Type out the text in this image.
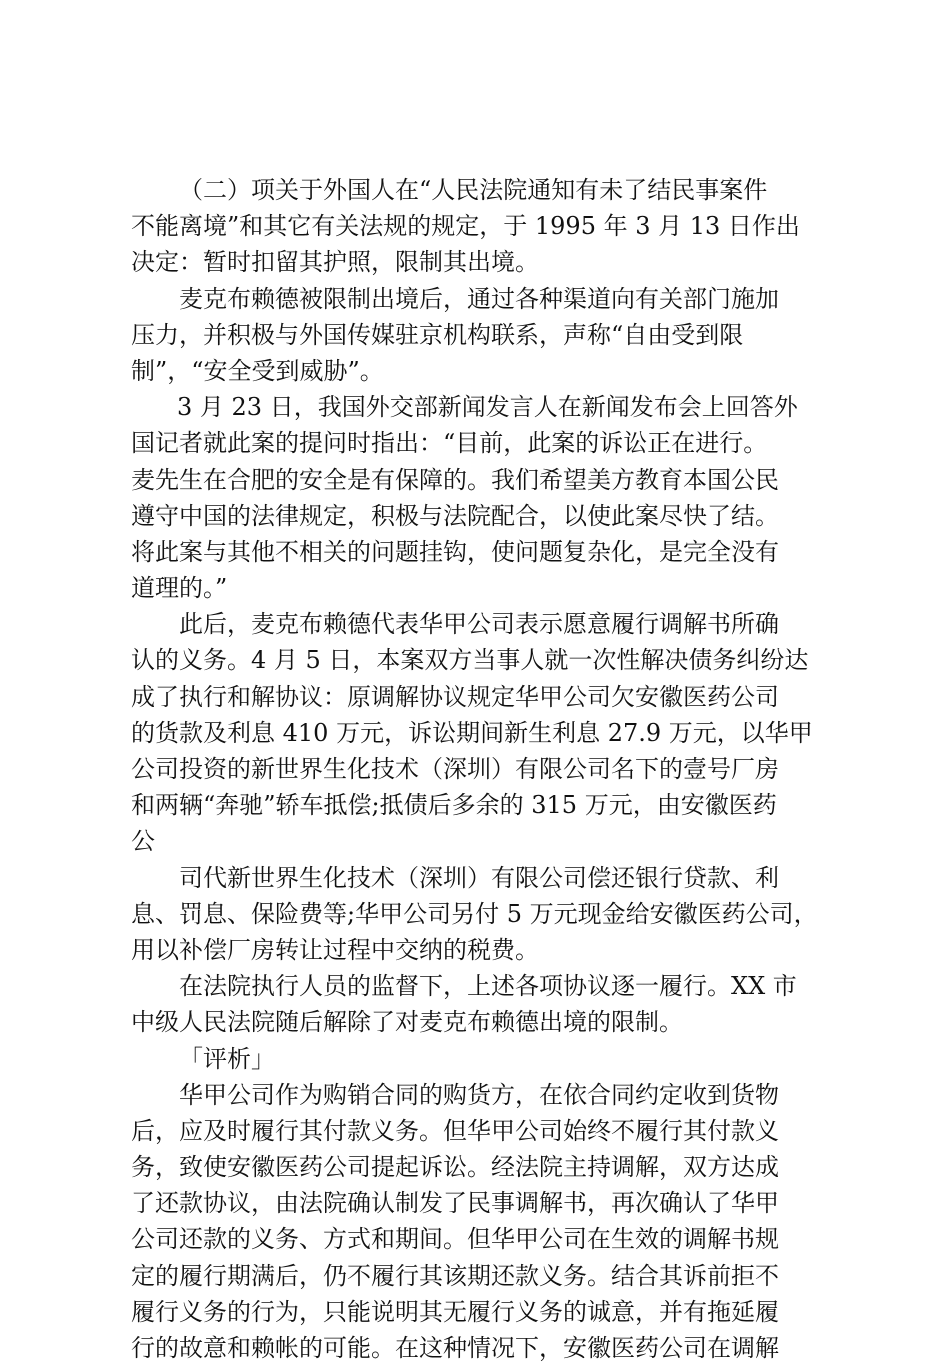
（二）项关于外国人在“人民法院通知有未了结民事案件
不能离境”和其它有关法规的规定，于 1995 年 3 月 13 日作出
决定：暂时扣留其护照，限制其出境。
麦克布赖德被限制出境后，通过各种渠道向有关部门施加
压力，并积极与外国传媒驻京机构联系，声称“自由受到限
制”，“安全受到威胁”。
3 月 23 日，我国外交部新闻发言人在新闻发布会上回答外
国记者就此案的提问时指出：“目前，此案的诉讼正在进行。
麦先生在合肥的安全是有保障的。我们希望美方教育本国公民
遵守中国的法律规定，积极与法院配合，以使此案尽快了结。
将此案与其他不相关的问题挂钩，使问题复杂化，是完全没有
道理的。”
此后，麦克布赖德代表华甲公司表示愿意履行调解书所确
认的义务。4 月 5 日，本案双方当事人就一次性解决债务纠纷达
成了执行和解协议：原调解协议规定华甲公司欠安徽医药公司
的货款及利息 410 万元，诉讼期间新生利息 27.9 万元，以华甲
公司投资的新世界生化技术（深圳）有限公司名下的壹号厂房
和两辆“奔驰”轿车抵偿;抵债后多余的 315 万元，由安徽医药
公
司代新世界生化技术（深圳）有限公司偿还银行贷款、利
息、罚息、保险费等;华甲公司另付 5 万元现金给安徽医药公司，
用以补偿厂房转让过程中交纳的税费。
在法院执行人员的监督下，上述各项协议逐一履行。XX 市
中级人民法院随后解除了对麦克布赖德出境的限制。
「评析」
华甲公司作为购销合同的购货方，在依合同约定收到货物
后，应及时履行其付款义务。但华甲公司始终不履行其付款义
务，致使安徽医药公司提起诉讼。经法院主持调解，双方达成
了还款协议，由法院确认制发了民事调解书，再次确认了华甲
公司还款的义务、方式和期间。但华甲公司在生效的调解书规
定的履行期满后，仍不履行其该期还款义务。结合其诉前拒不
履行义务的行为，只能说明其无履行义务的诚意，并有拖延履
行的故意和赖帐的可能。在这种情况下，安徽医药公司在调解
